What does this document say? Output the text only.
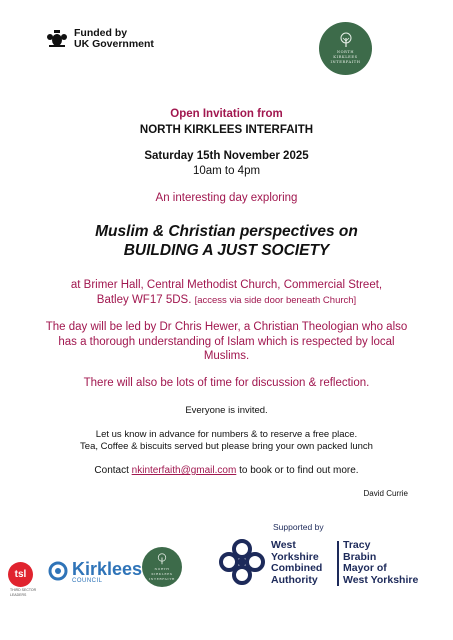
Funded by
UK Government
NORTH KIRKLEES INTERFAITH
Open Invitation from
NORTH KIRKLEES INTERFAITH
Saturday 15th November 2025
10am to 4pm
An interesting day exploring
Muslim & Christian perspectives on
BUILDING A JUST SOCIETY
at Brimer Hall, Central Methodist Church, Commercial Street,
Batley WF17 5DS. [access via side door beneath Church]
The day will be led by Dr Chris Hewer, a Christian Theologian who also has a thorough understanding of Islam which is respected by local Muslims.
There will also be lots of time for discussion & reflection.
Everyone is invited.
Let us know in advance for numbers & to reserve a free place.
Tea, Coffee & biscuits served but please bring your own packed lunch
Contact nkinterfaith@gmail.com to book or to find out more.
David Currie
tsl
THIRD SECTOR LEADERS
Kirklees
COUNCIL
NORTH KIRKLEES INTERFAITH
Supported by
West
Yorkshire
Combined
Authority
Tracy
Brabin
Mayor of
West Yorkshire
